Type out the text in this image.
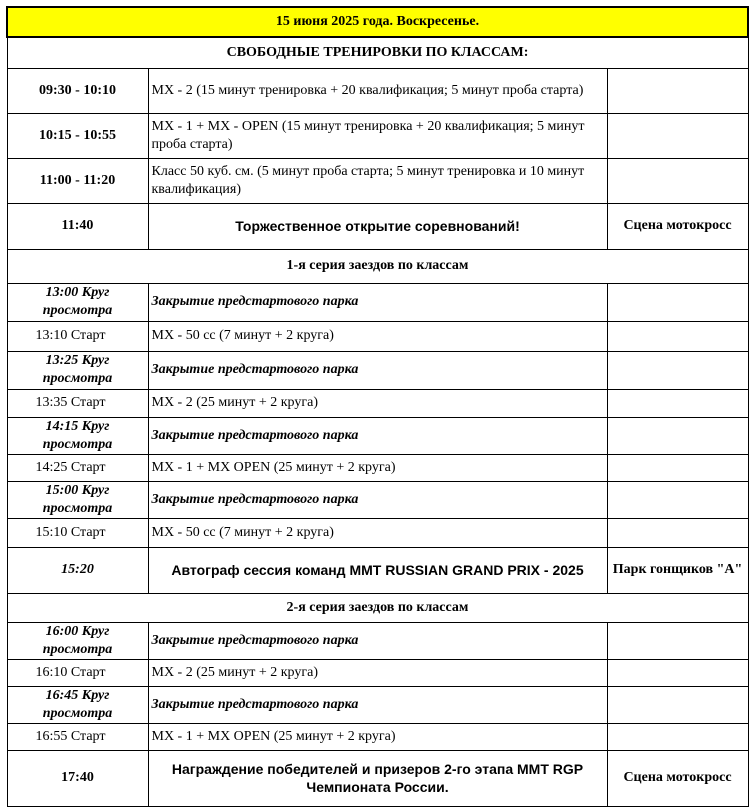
15 июня 2025 года. Воскресенье.		
СВОБОДНЫЕ ТРЕНИРОВКИ ПО КЛАССАМ:		
09:30 - 10:10	MX - 2 (15 минут тренировка + 20 квалификация; 5 минут проба старта)	
10:15 - 10:55	MX - 1 + MX - OPEN (15 минут тренировка + 20 квалификация; 5 минут проба старта)	
11:00 - 11:20	Класс 50 куб. см. (5 минут проба старта; 5 минут тренировка и 10 минут квалификация)	
11:40	Торжественное открытие соревнований!	Сцена мотокросс
1-я серия заездов по классам		
13:00 Круг просмотра	Закрытие предстартового парка	
13:10 Старт	MX - 50 cc (7 минут + 2 круга)	
13:25 Круг просмотра	Закрытие предстартового парка	
13:35 Старт	MX - 2 (25 минут + 2 круга)	
14:15 Круг просмотра	Закрытие предстартового парка	
14:25 Старт	MX - 1 + MX OPEN (25 минут + 2 круга)	
15:00 Круг просмотра	Закрытие предстартового парка	
15:10 Старт	MX - 50 cc (7 минут + 2 круга)	
15:20	Автограф сессия команд MMT RUSSIAN GRAND PRIX - 2025	Парк гонщиков "А"
2-я серия заездов по классам		
16:00 Круг просмотра	Закрытие предстартового парка	
16:10 Старт	MX - 2 (25 минут + 2 круга)	
16:45 Круг просмотра	Закрытие предстартового парка	
16:55 Старт	MX - 1 + MX OPEN (25 минут + 2 круга)	
17:40	Награждение победителей и призеров 2-го этапа MMT RGP Чемпионата России.	Сцена мотокросс
